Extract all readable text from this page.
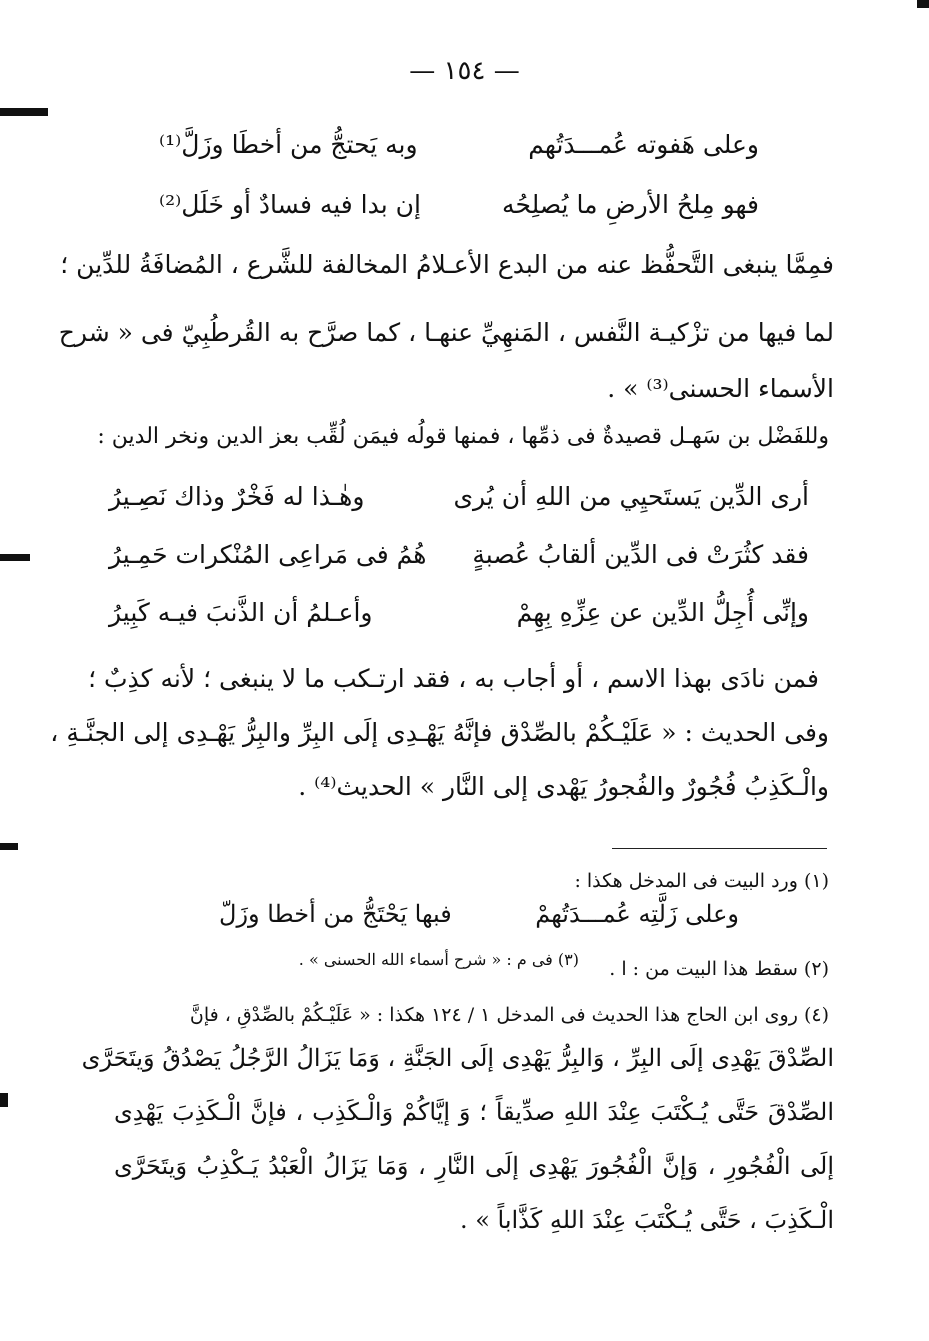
— ١٥٤ —
وعلى هَفوته عُمـــدَتُهم
وبه يَحتجُّ من أخطَا وزَلَّ⁽¹⁾
فهو مِلحُ الأرضِ ما يُصلِحُه
إن بدا فيه فسادٌ أو خَلَل⁽²⁾
فمِمَّا ينبغى التَّحفُّظ عنه من البدع الأعـلامُ المخالفة للشَّرع ، المُضافَةُ للدِّين ؛
لما فيها من تزْكيـة النَّفس ، المَنهِيِّ عنهـا ، كما صرَّح به القُرطُبِيّ فى « شرح
الأسماء الحسنى⁽³⁾ » .
وللفَضْل بن سَهـل قصيدةٌ فى ذمِّها ، فمنها قولُه فيمَن لُقِّب بعز الدين ونخر الدين :
أرى الدِّين يَستَحيِي من اللهِ أن يُرى
وهٰـذا له فَخْرٌ وذاك نَصِـيرُ
فقد كثُرَتْ فى الدِّين ألقابُ عُصبةٍ
هُمُ فى مَراعِى المُنْكرات حَمِـيرُ
وإنِّى أُجِلُّ الدِّين عن عِزِّهِ بِهِمْ
وأعـلمُ أن الذَّنبَ فيـه كَبِيرُ
فمن نادَى بهذا الاسم ، أو أجاب به ، فقد ارتـكب ما لا ينبغى ؛ لأنه كذِبٌ ؛
وفى الحديث : « عَلَيْـكُمْ بالصِّدْق فإنَّهُ يَهْـدِى إلَى البِرِّ والبِرُّ يَهْـدِى إلى الجنَّـةِ ،
والْـكَذِبُ فُجُورٌ والفُجورُ يَهْدى إلى النَّار » الحديث⁽⁴⁾ .
(١) ورد البيت فى المدخل هكذا :
وعلى زَلَّتِه عُمـــدَتُهمْ
فبها يَحْتَجُّ من أخطا وزَلّ
(٢) سقط هذا البيت من : ا .
(٣) فى م : « شرح أسماء الله الحسنى » .
(٤) روى ابن الحاج هذا الحديث فى المدخل ١ / ١٢٤ هكذا : « عَلَيْـكُمْ بالصِّدْقِ ، فإنَّ
الصِّدْقَ يَهْدِى إلَى البِرِّ ، وَالبِرُّ يَهْدِى إلَى الجَنَّةِ ، وَمَا يَزَالُ الرَّجُلُ يَصْدُقُ وَيتَحَرَّى
الصِّدْقَ حَتَّى يُـكْتَبَ عِنْدَ اللهِ صدِّيقاً ؛ وَ إيَّاكُمْ وَالْـكَذِب ، فإنَّ الْـكَذِبَ يَهْدِى
إلَى الْفُجُورِ ، وَإنَّ الْفُجُورَ يَهْدِى إلَى النَّارِ ، وَمَا يَزَالُ الْعَبْدُ يَـكْذِبُ وَيتَحَرَّى
الْـكَذِبَ ، حَتَّى يُـكْتَبَ عِنْدَ اللهِ كَذَّاباً » .
